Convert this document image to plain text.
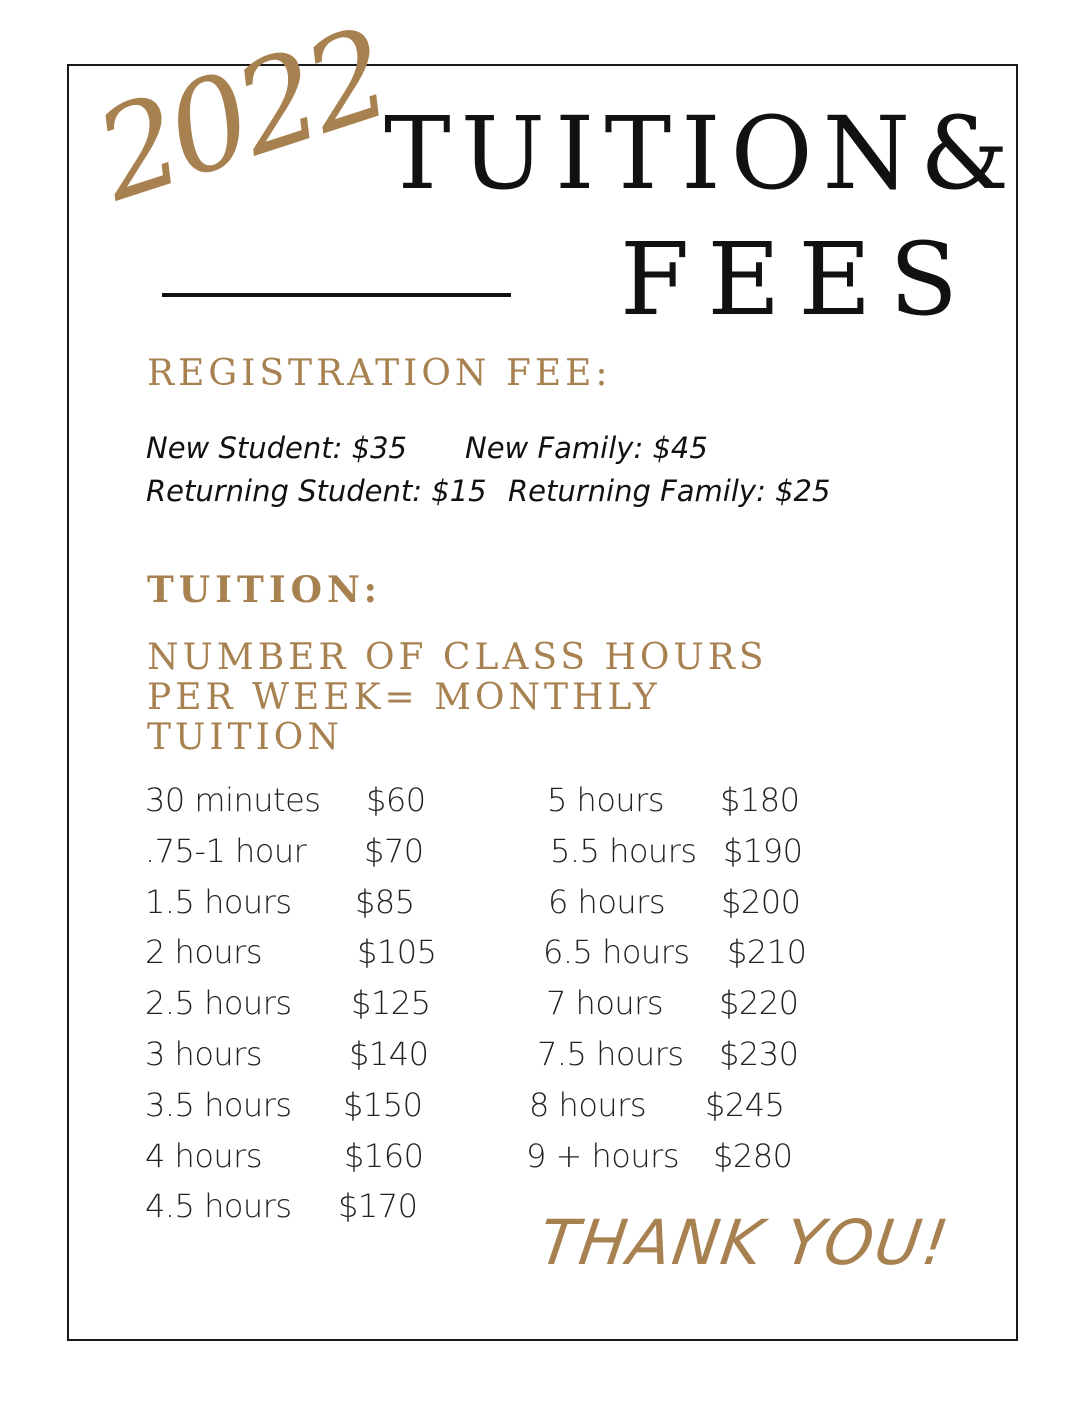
2022
TUITION&
FEES
REGISTRATION FEE:
New Student: $35 New Family: $45
Returning Student: $15 Returning Family: $25
TUITION:
NUMBER OF CLASS HOURS PER WEEK= MONTHLY TUITION
30 minutes $60
.75-1 hour $70
1.5 hours $85
2 hours	$105
2.5 hours $125
3 hours	$140
3.5 hours $150
4 hours	$160
4.5 hours $170
5 hours $180
5.5 hours $190
6 hours $200
6.5 hours $210
7 hours $220
7.5 hours $230
8 hours $245
9 + hours $280
THANK YOU!
